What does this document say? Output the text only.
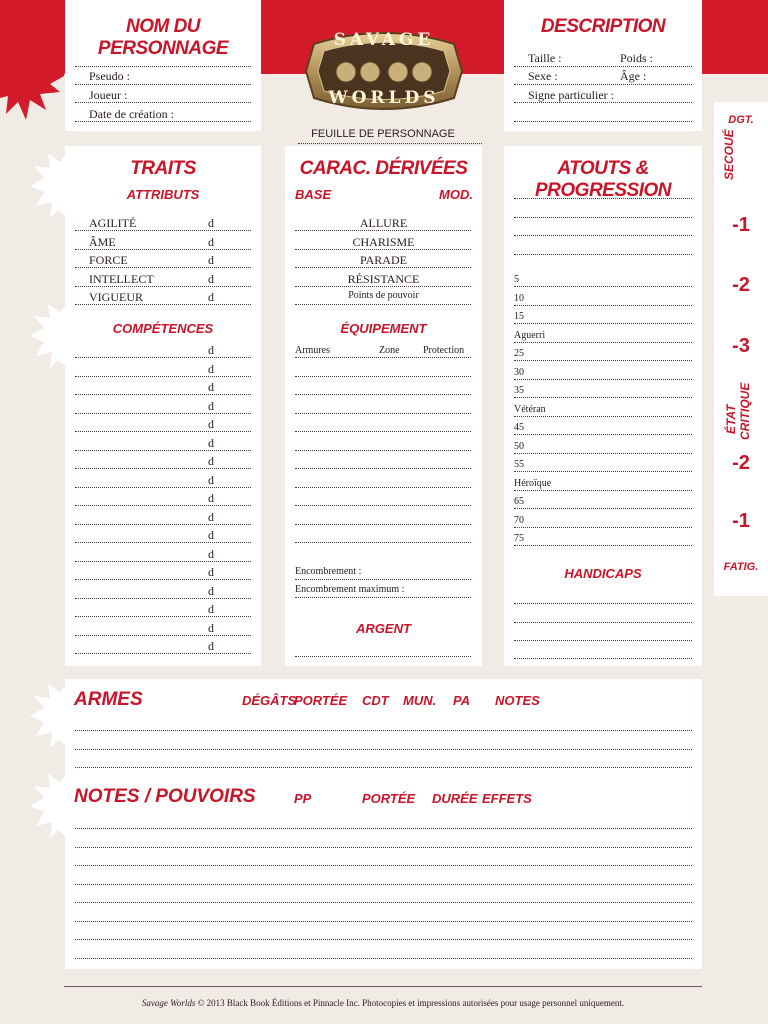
NOM DU PERSONNAGE
Pseudo :
Joueur :
Date de création :
SAVAGE
WORLDS
FEUILLE DE PERSONNAGE
DESCRIPTION
Taille :	Poids :
Sexe :	Âge :
Signe particulier :
TRAITS
ATTRIBUTS
AGILITÉ	d
ÂME	d
FORCE	d
INTELLECT	d
VIGUEUR	d
COMPÉTENCES
d
d
d
d
d
d
d
d
d
d
d
d
d
d
d
d
d
CARAC. DÉRIVÉES
BASE	MOD.
ALLURE
CHARISME
PARADE
RÉSISTANCE
Points de pouvoir
ÉQUIPEMENT
Armures	Zone Protection
Encombrement :
Encombrement maximum :
ARGENT
ATOUTS & PROGRESSION
5
10
15
Aguerri
25
30
35
Vétéran
45
50
55
Héroïque
65
70
75
HANDICAPS
DGT.
SECOUÉ
-1
-2
-3
ÉTAT CRITIQUE
-2
-1
FATIG.
ARMES	DÉGÂTS
PORTÉE CDT MUN. PA NOTES
NOTES / POUVOIRS	PP	PORTÉE DURÉE EFFETS
Savage Worlds © 2013 Black Book Éditions et Pinnacle Inc. Photocopies et impressions autorisées pour usage personnel uniquement.
